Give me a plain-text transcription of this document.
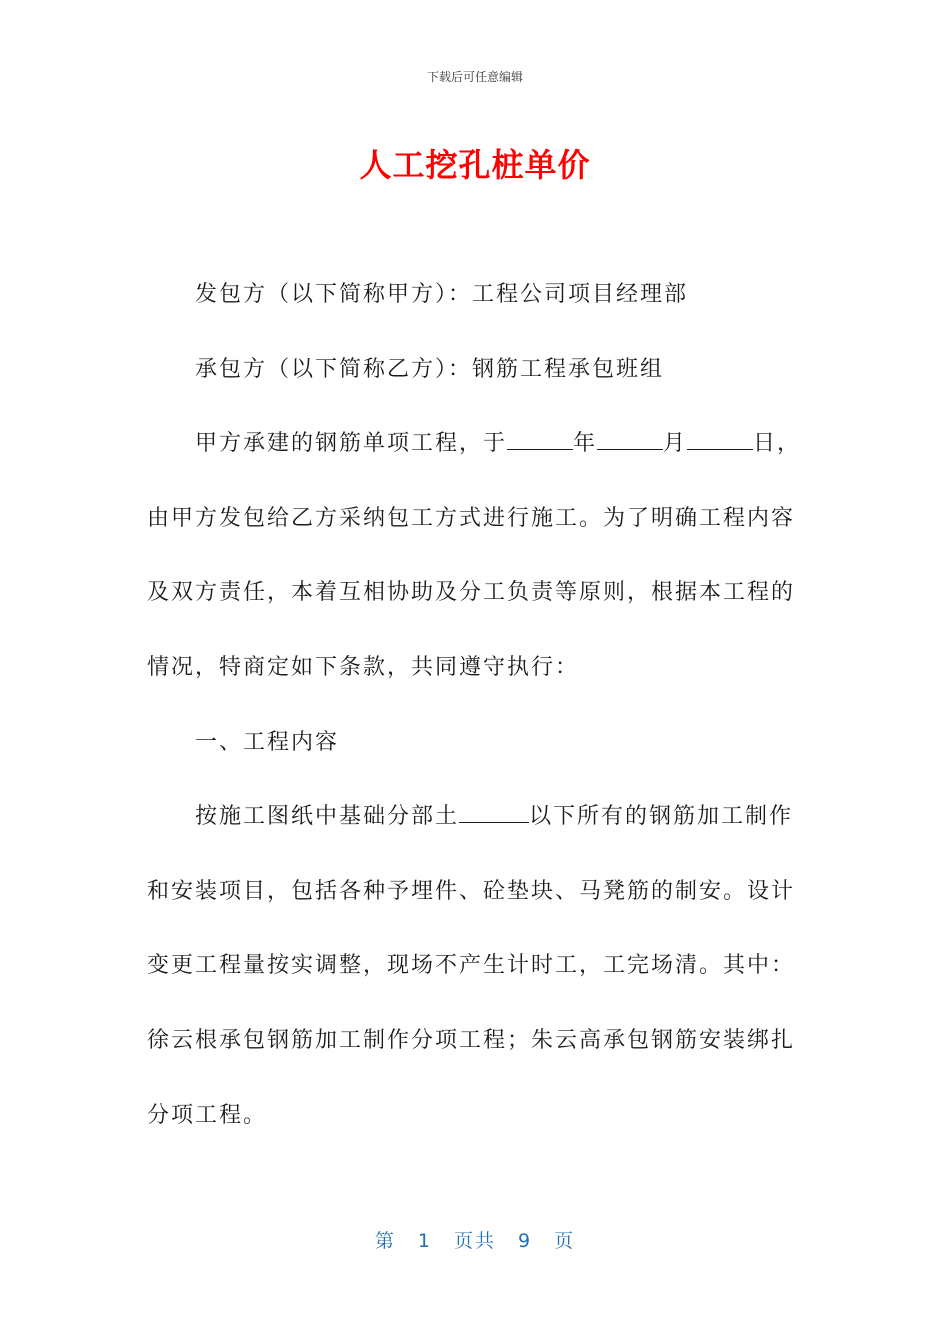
下载后可任意编辑
人工挖孔桩单价

发包方（以下简称甲方）：工程公司项目经理部

承包方（以下简称乙方）：钢筋工程承包班组

甲方承建的钢筋单项工程，于	年	月	日，由甲方发包给乙方采纳包工方式进行施工。为了明确工程内容及双方责任，本着互相协助及分工负责等原则，根据本工程的情况，特商定如下条款，共同遵守执行：

一、工程内容

按施工图纸中基础分部土	以下所有的钢筋加工制作和安装项目，包括各种予埋件、砼垫块、马凳筋的制安。设计变更工程量按实调整，现场不产生计时工，工完场清。其中：徐云根承包钢筋加工制作分项工程；朱云高承包钢筋安装绑扎分项工程。

第 1 页共 9 页
